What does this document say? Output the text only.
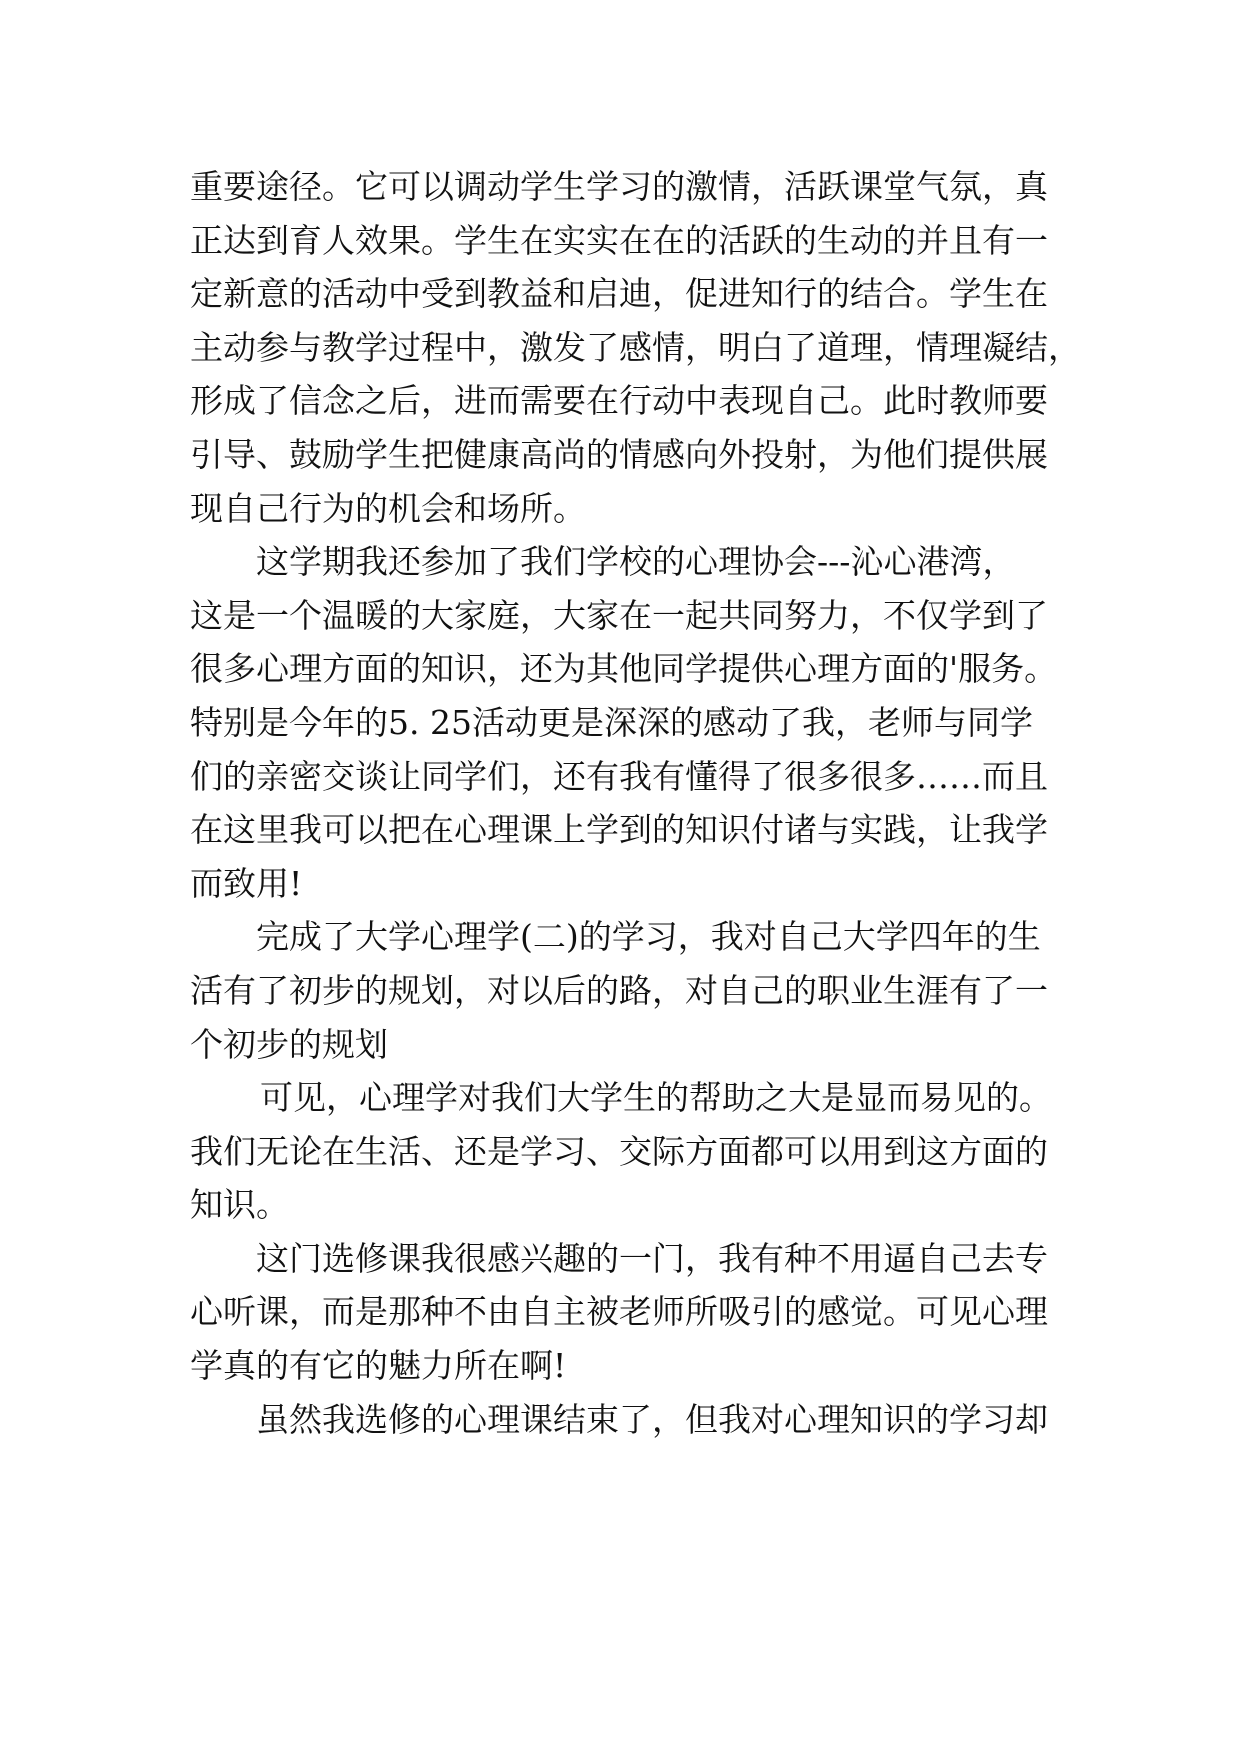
重要途径。它可以调动学生学习的激情，活跃课堂气氛，真
正达到育人效果。学生在实实在在的活跃的生动的并且有一
定新意的活动中受到教益和启迪，促进知行的结合。学生在
主动参与教学过程中，激发了感情，明白了道理，情理凝结，
形成了信念之后，进而需要在行动中表现自己。此时教师要
引导、鼓励学生把健康高尚的情感向外投射，为他们提供展
现自己行为的机会和场所。
这学期我还参加了我们学校的心理协会---沁心港湾，
这是一个温暖的大家庭，大家在一起共同努力，不仅学到了
很多心理方面的知识，还为其他同学提供心理方面的'服务。
特别是今年的5. 25活动更是深深的感动了我，老师与同学
们的亲密交谈让同学们，还有我有懂得了很多很多……而且
在这里我可以把在心理课上学到的知识付诸与实践，让我学
而致用!
完成了大学心理学(二)的学习，我对自己大学四年的生
活有了初步的规划，对以后的路，对自己的职业生涯有了一
个初步的规划
可见，心理学对我们大学生的帮助之大是显而易见的。
我们无论在生活、还是学习、交际方面都可以用到这方面的
知识。
这门选修课我很感兴趣的一门，我有种不用逼自己去专
心听课，而是那种不由自主被老师所吸引的感觉。可见心理
学真的有它的魅力所在啊!
虽然我选修的心理课结束了，但我对心理知识的学习却
